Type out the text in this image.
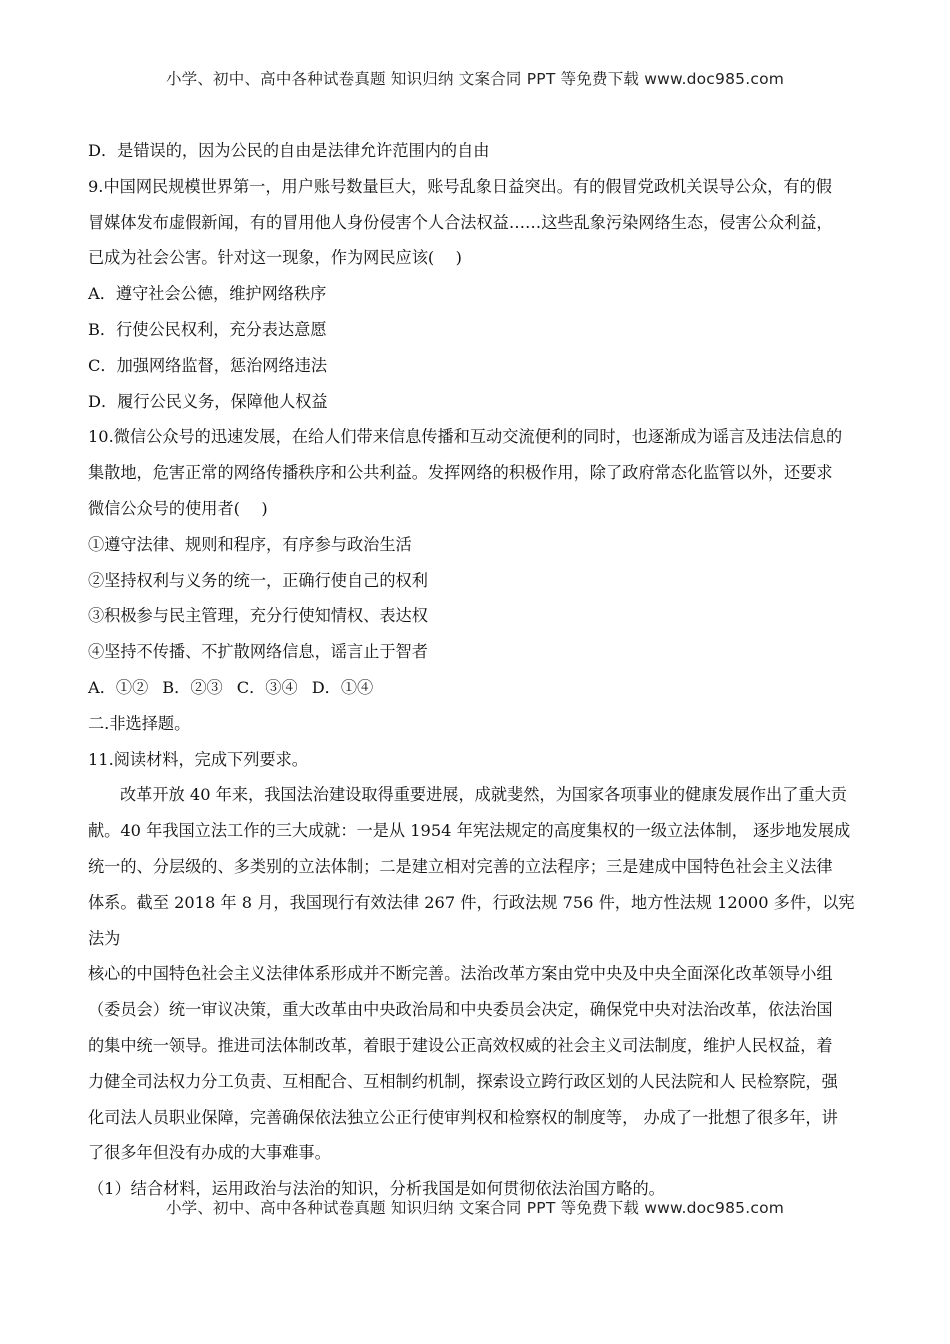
小学、初中、高中各种试卷真题 知识归纳 文案合同 PPT 等免费下载 www.doc985.com

D．是错误的，因为公民的自由是法律允许范围内的自由

9.中国网民规模世界第一，用户账号数量巨大，账号乱象日益突出。有的假冒党政机关误导公众，有的假

冒媒体发布虚假新闻，有的冒用他人身份侵害个人合法权益……这些乱象污染网络生态，侵害公众利益，

已成为社会公害。针对这一现象，作为网民应该(　 )

A．遵守社会公德，维护网络秩序

B．行使公民权利，充分表达意愿

C．加强网络监督，惩治网络违法

D．履行公民义务，保障他人权益

10.微信公众号的迅速发展，在给人们带来信息传播和互动交流便利的同时，也逐渐成为谣言及违法信息的

集散地，危害正常的网络传播秩序和公共利益。发挥网络的积极作用，除了政府常态化监管以外，还要求

微信公众号的使用者(　 )

①遵守法律、规则和程序，有序参与政治生活

②坚持权利与义务的统一，正确行使自己的权利

③积极参与民主管理，充分行使知情权、表达权

④坚持不传播、不扩散网络信息，谣言止于智者

A．①② B．②③ C．③④ D．①④

二.非选择题。

11.阅读材料，完成下列要求。

改革开放 40 年来，我国法治建设取得重要进展，成就斐然，为国家各项事业的健康发展作出了重大贡

献。40 年我国立法工作的三大成就：一是从 1954 年宪法规定的高度集权的一级立法体制， 逐步地发展成

统一的、分层级的、多类别的立法体制；二是建立相对完善的立法程序；三是建成中国特色社会主义法律

体系。截至 2018 年 8 月，我国现行有效法律 267 件，行政法规 756 件，地方性法规 12000 多件，以宪法为

核心的中国特色社会主义法律体系形成并不断完善。法治改革方案由党中央及中央全面深化改革领导小组

（委员会）统一审议决策，重大改革由中央政治局和中央委员会决定，确保党中央对法治改革，依法治国

的集中统一领导。推进司法体制改革，着眼于建设公正高效权威的社会主义司法制度，维护人民权益，着

力健全司法权力分工负责、互相配合、互相制约机制，探索设立跨行政区划的人民法院和人 民检察院，强

化司法人员职业保障，完善确保依法独立公正行使审判权和检察权的制度等， 办成了一批想了很多年，讲

了很多年但没有办成的大事难事。

（1）结合材料，运用政治与法治的知识，分析我国是如何贯彻依法治国方略的。

小学、初中、高中各种试卷真题 知识归纳 文案合同 PPT 等免费下载 www.doc985.com
